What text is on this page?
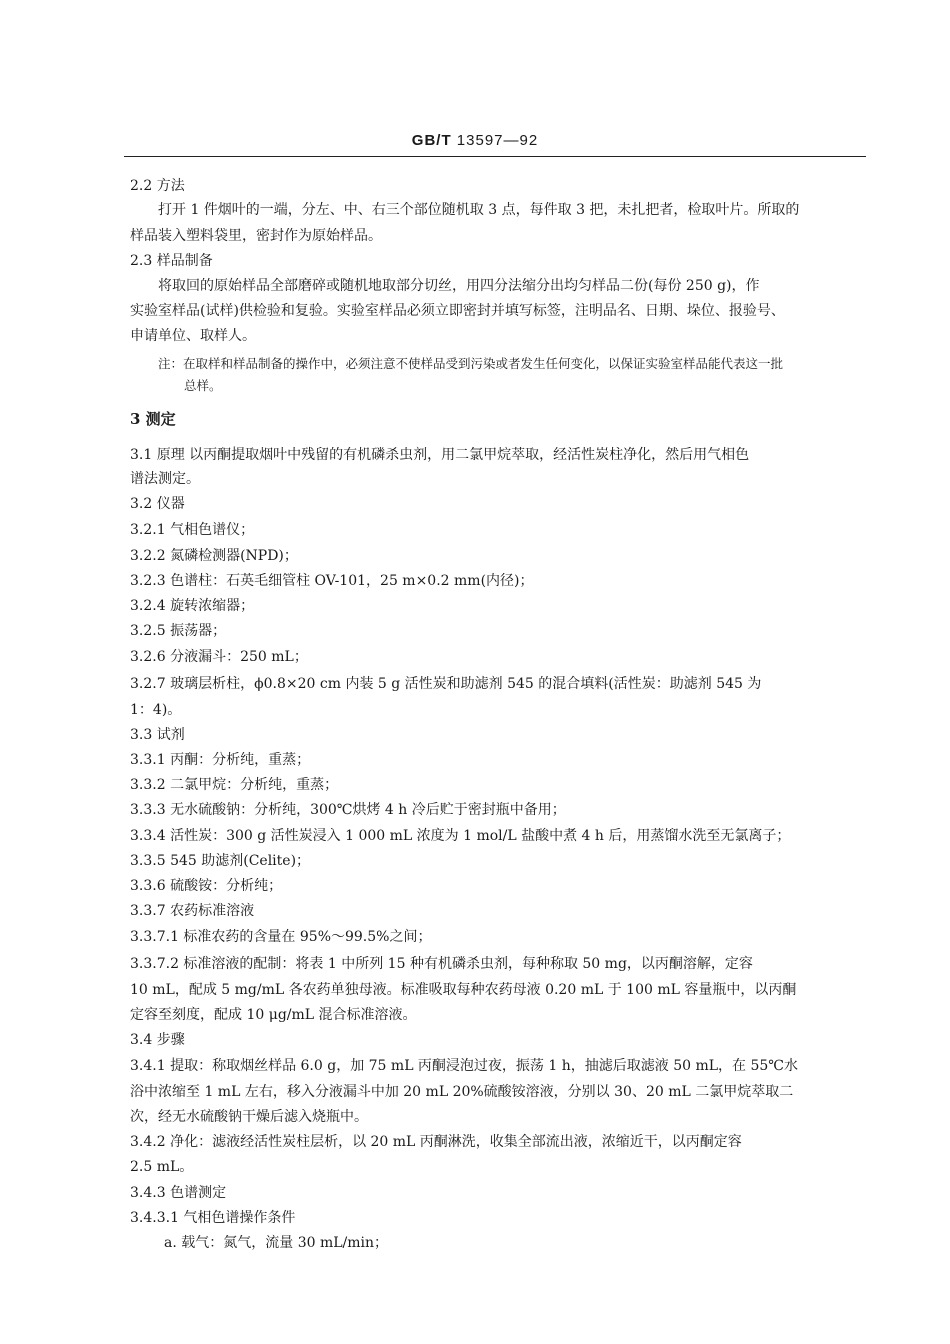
GB/T 13597—92
2.2 方法
打开 1 件烟叶的一端，分左、中、右三个部位随机取 3 点，每件取 3 把，未扎把者，检取叶片。所取的
样品装入塑料袋里，密封作为原始样品。
2.3 样品制备
将取回的原始样品全部磨碎或随机地取部分切丝，用四分法缩分出均匀样品二份(每份 250 g)，作
实验室样品(试样)供检验和复验。实验室样品必须立即密封并填写标签，注明品名、日期、垛位、报验号、
申请单位、取样人。
注：在取样和样品制备的操作中，必须注意不使样品受到污染或者发生任何变化，以保证实验室样品能代表这一批
总样。
3 测定
3.1 原理 以丙酮提取烟叶中残留的有机磷杀虫剂，用二氯甲烷萃取，经活性炭柱净化，然后用气相色
谱法测定。
3.2 仪器
3.2.1 气相色谱仪；
3.2.2 氮磷检测器(NPD)；
3.2.3 色谱柱：石英毛细管柱 OV-101，25 m×0.2 mm(内径)；
3.2.4 旋转浓缩器；
3.2.5 振荡器；
3.2.6 分液漏斗：250 mL；
3.2.7 玻璃层析柱，ϕ0.8×20 cm 内装 5 g 活性炭和助滤剂 545 的混合填料(活性炭：助滤剂 545 为
1：4)。
3.3 试剂
3.3.1 丙酮：分析纯，重蒸；
3.3.2 二氯甲烷：分析纯，重蒸；
3.3.3 无水硫酸钠：分析纯，300℃烘烤 4 h 冷后贮于密封瓶中备用；
3.3.4 活性炭：300 g 活性炭浸入 1 000 mL 浓度为 1 mol/L 盐酸中煮 4 h 后，用蒸馏水洗至无氯离子；
3.3.5 545 助滤剂(Celite)；
3.3.6 硫酸铵：分析纯；
3.3.7 农药标准溶液
3.3.7.1 标准农药的含量在 95%～99.5%之间；
3.3.7.2 标准溶液的配制：将表 1 中所列 15 种有机磷杀虫剂，每种称取 50 mg，以丙酮溶解，定容
10 mL，配成 5 mg/mL 各农药单独母液。标准吸取每种农药母液 0.20 mL 于 100 mL 容量瓶中，以丙酮
定容至刻度，配成 10 μg/mL 混合标准溶液。
3.4 步骤
3.4.1 提取：称取烟丝样品 6.0 g，加 75 mL 丙酮浸泡过夜，振荡 1 h，抽滤后取滤液 50 mL，在 55℃水
浴中浓缩至 1 mL 左右，移入分液漏斗中加 20 mL 20%硫酸铵溶液，分别以 30、20 mL 二氯甲烷萃取二
次，经无水硫酸钠干燥后滤入烧瓶中。
3.4.2 净化：滤液经活性炭柱层析，以 20 mL 丙酮淋洗，收集全部流出液，浓缩近干，以丙酮定容
2.5 mL。
3.4.3 色谱测定
3.4.3.1 气相色谱操作条件
a. 载气：氮气，流量 30 mL/min；
